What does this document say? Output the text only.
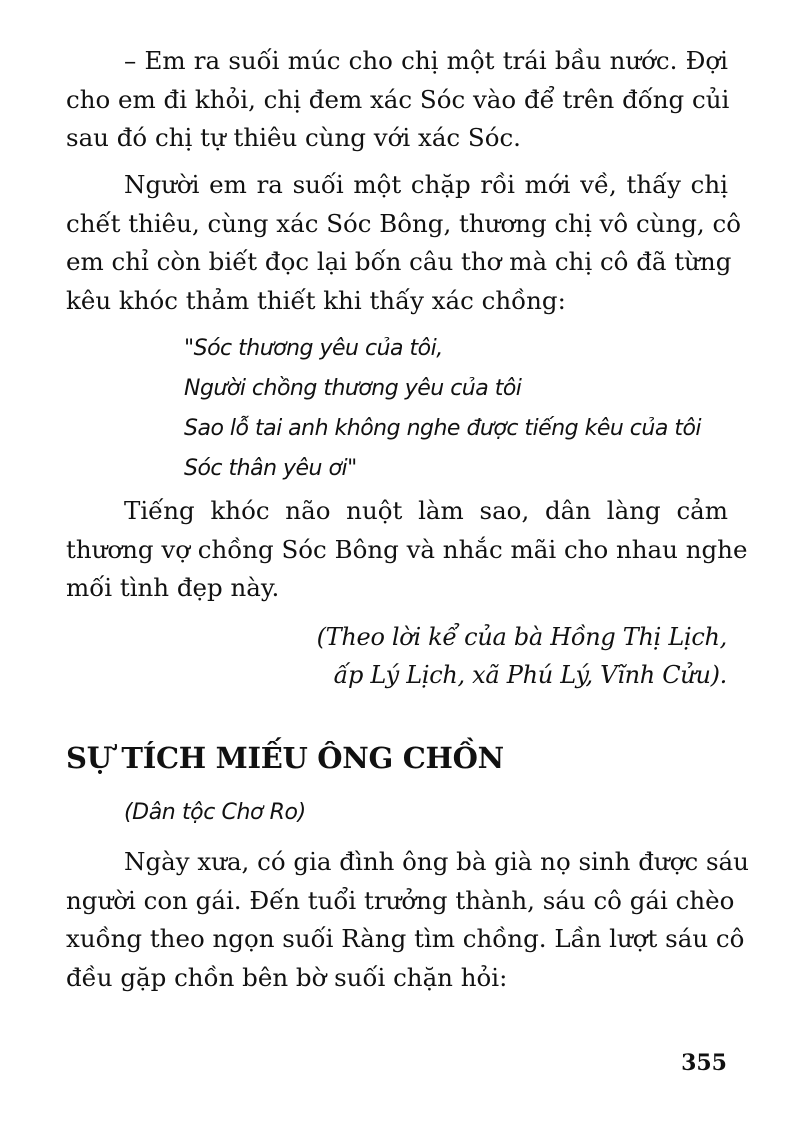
– Em ra suối múc cho chị một trái bầu nước. Đợi
cho em đi khỏi, chị đem xác Sóc vào để trên đống củi
sau đó chị tự thiêu cùng với xác Sóc.
Người em ra suối một chặp rồi mới về, thấy chị
chết thiêu, cùng xác Sóc Bông, thương chị vô cùng, cô
em chỉ còn biết đọc lại bốn câu thơ mà chị cô đã từng
kêu khóc thảm thiết khi thấy xác chồng:
"Sóc thương yêu của tôi,
Người chồng thương yêu của tôi
Sao lỗ tai anh không nghe được tiếng kêu của tôi
Sóc thân yêu ơi"
Tiếng khóc não nuột làm sao, dân làng cảm
thương vợ chồng Sóc Bông và nhắc mãi cho nhau nghe
mối tình đẹp này.
(Theo lời kể của bà Hồng Thị Lịch,
ấp Lý Lịch, xã Phú Lý, Vĩnh Cửu).
SỰ TÍCH MIẾU ÔNG CHỒN
(Dân tộc Chơ Ro)
Ngày xưa, có gia đình ông bà già nọ sinh được sáu
người con gái. Đến tuổi trưởng thành, sáu cô gái chèo
xuồng theo ngọn suối Ràng tìm chồng. Lần lượt sáu cô
đều gặp chồn bên bờ suối chặn hỏi:
355
